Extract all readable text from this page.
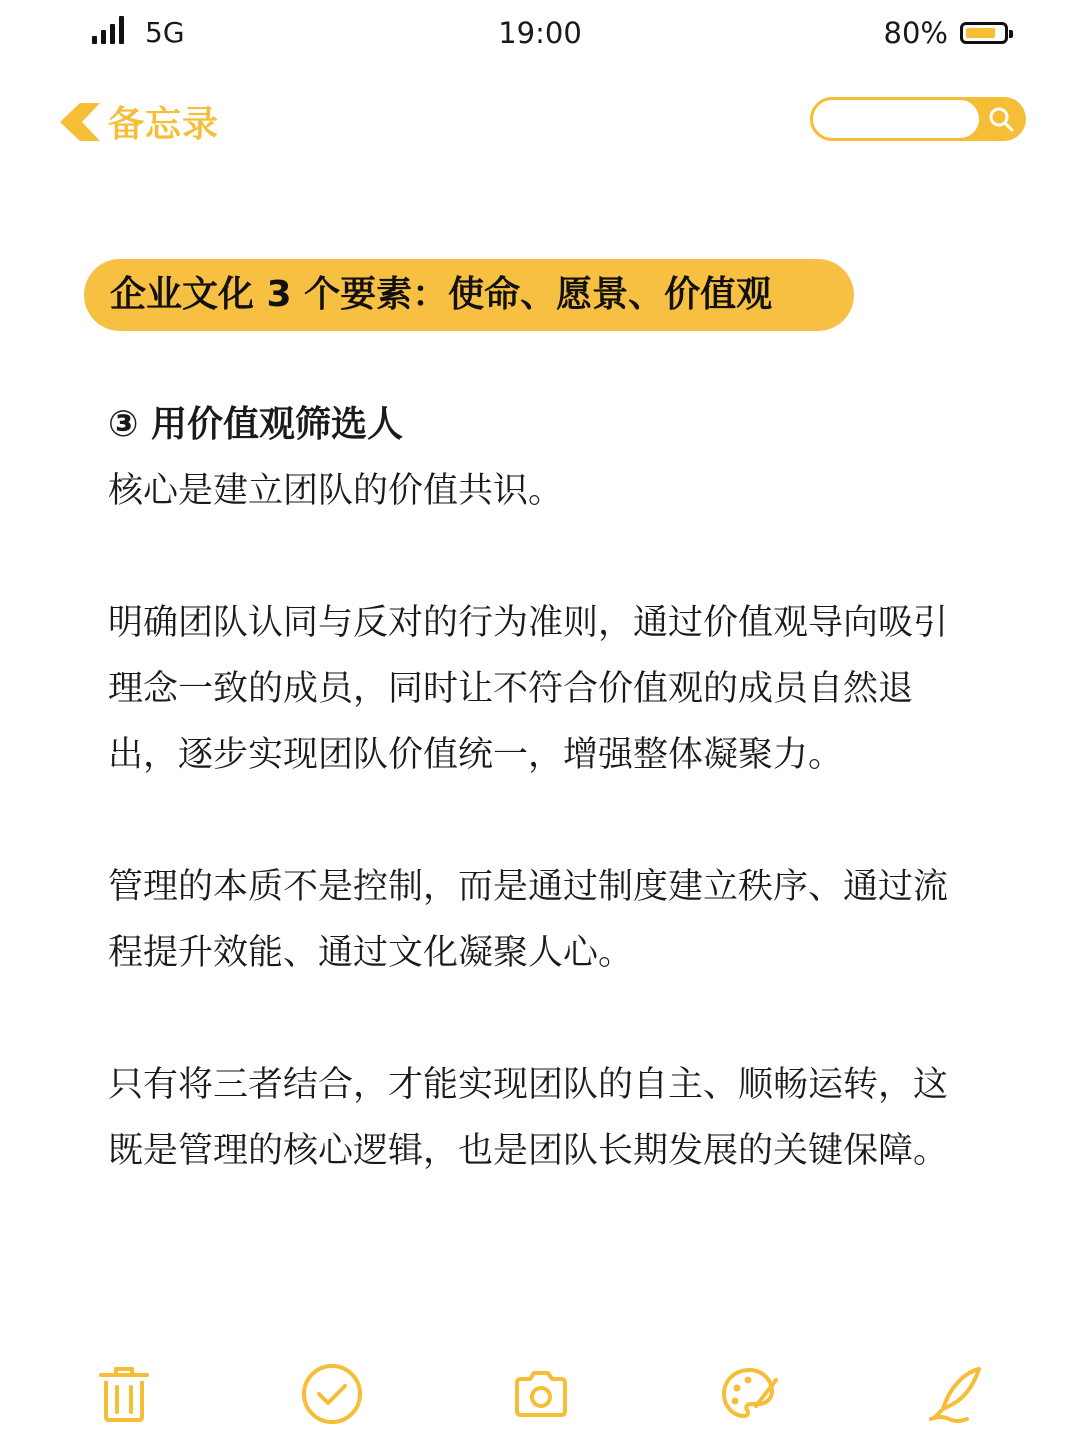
5G	19:00	80%
备忘录
企业文化 3 个要素：使命、愿景、价值观
③ 用价值观筛选人

核心是建立团队的价值共识。

明确团队认同与反对的行为准则，通过价值观导向吸引理念一致的成员，同时让不符合价值观的成员自然退出，逐步实现团队价值统一，增强整体凝聚力。

管理的本质不是控制，而是通过制度建立秩序、通过流程提升效能、通过文化凝聚人心。

只有将三者结合，才能实现团队的自主、顺畅运转，这既是管理的核心逻辑，也是团队长期发展的关键保障。
